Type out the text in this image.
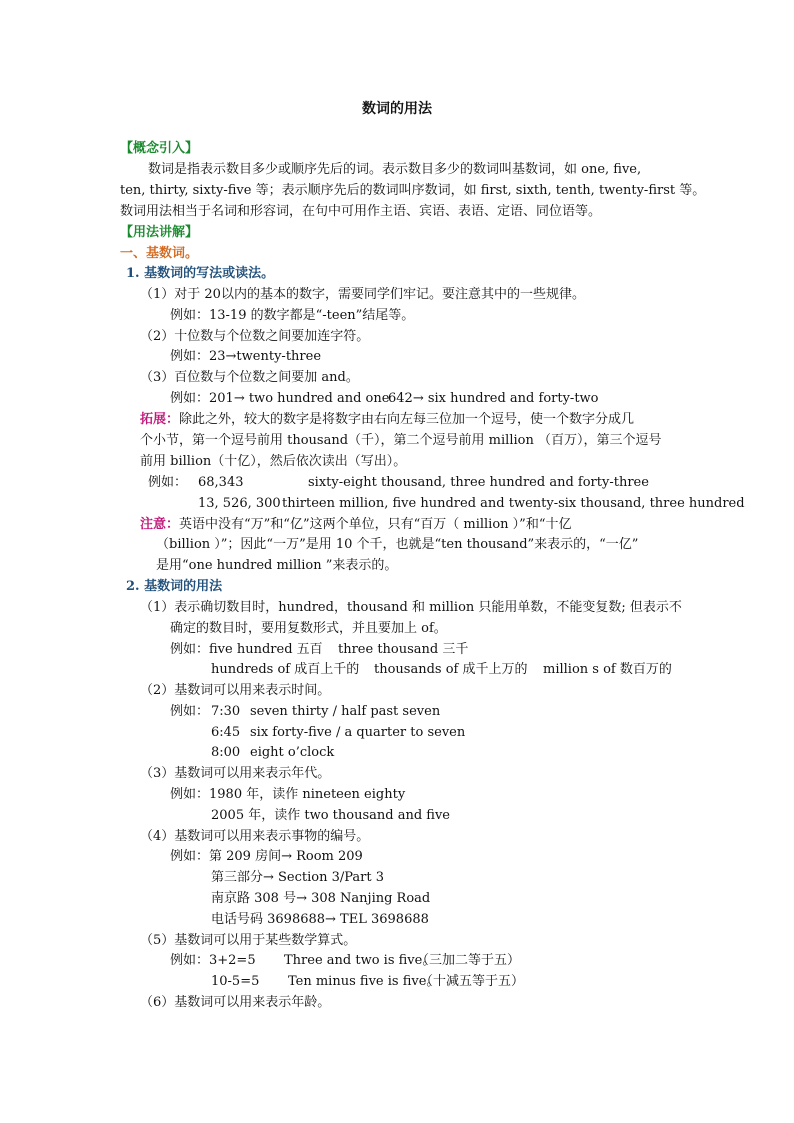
数词的用法
【概念引入】
数词是指表示数目多少或顺序先后的词。表示数目多少的数词叫基数词，如 one, five,
ten, thirty, sixty-five 等；表示顺序先后的数词叫序数词，如 first, sixth, tenth, twenty-first 等。
数词用法相当于名词和形容词，在句中可用作主语、宾语、表语、定语、同位语等。
【用法讲解】
一、基数词。
1. 基数词的写法或读法。
（1）对于 20以内的基本的数字，需要同学们牢记。要注意其中的一些规律。
例如：13-19 的数字都是“-teen”结尾等。
（2）十位数与个位数之间要加连字符。
例如：23→twenty-three
（3）百位数与个位数之间要加 and。
例如：201→ two hundred and one
642→ six hundred and forty-two
拓展：除此之外，较大的数字是将数字由右向左每三位加一个逗号，使一个数字分成几
个小节，第一个逗号前用 thousand（千），第二个逗号前用 million （百万），第三个逗号
前用 billion（十亿），然后依次读出（写出）。
例如： 68,343	sixty-eight thousand, three hundred and forty-three
13, 526, 300 thirteen million, five hundred and twenty-six thousand, three hundred
注意：英语中没有“万”和“亿”这两个单位，只有“百万（ million ）”和“十亿
（billion ）”；因此“一万”是用 10 个千，也就是“ten thousand”来表示的，“一亿”
是用“one hundred million ”来表示的。
2. 基数词的用法
（1）表示确切数目时，hundred，thousand 和 million 只能用单数，不能变复数; 但表示不
确定的数目时，要用复数形式，并且要加上 of。
例如：five hundred 五百 three thousand 三千
hundreds of 成百上千的 thousands of 成千上万的 million s of 数百万的
（2）基数词可以用来表示时间。
例如： 7:30 seven thirty / half past seven
6:45 six forty-five / a quarter to seven
8:00 eight o’clock
（3）基数词可以用来表示年代。
例如：1980 年，读作 nineteen eighty
2005 年，读作 two thousand and five
（4）基数词可以用来表示事物的编号。
例如：第 209 房间→ Room 209
第三部分→ Section 3/Part 3
南京路 308 号→ 308 Nanjing Road
电话号码 3698688→ TEL 3698688
（5）基数词可以用于某些数学算式。
例如：3+2=5 Three and two is five。
（三加二等于五）
10-5=5 Ten minus five is five。
（十减五等于五）
（6）基数词可以用来表示年龄。
